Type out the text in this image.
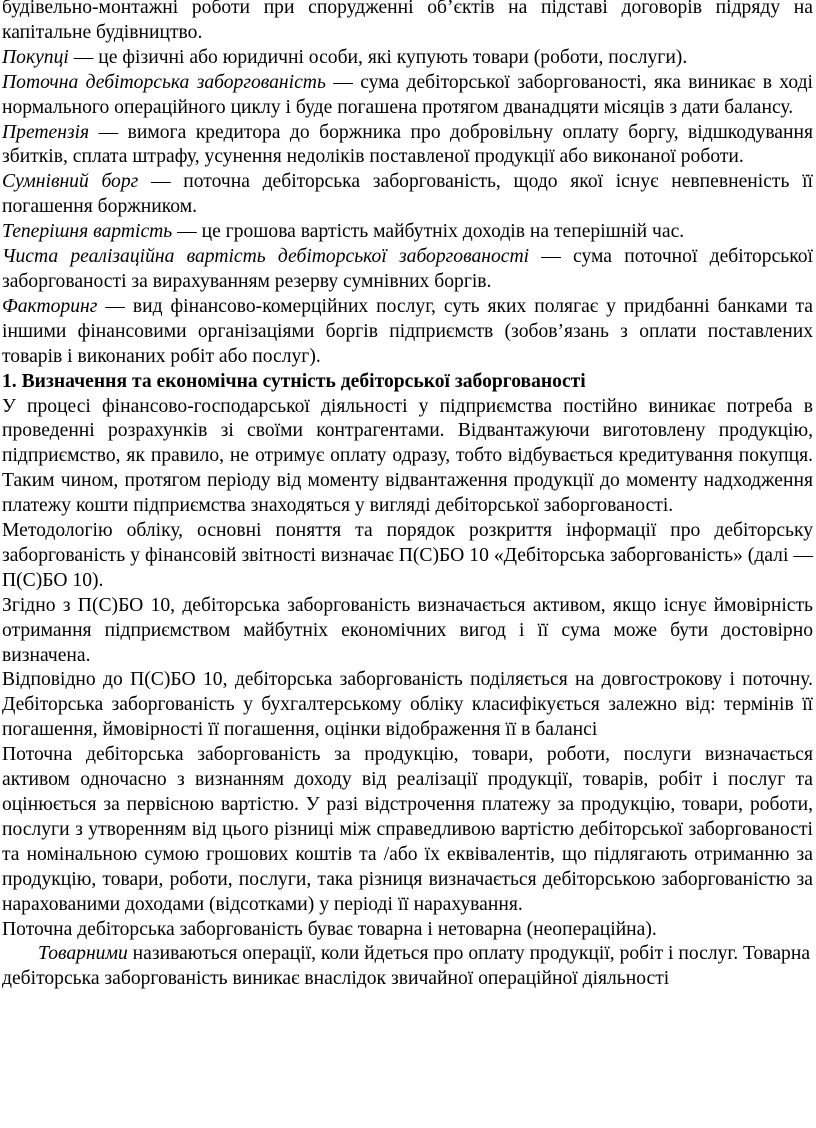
будівельно-монтажні роботи при спорудженні об’єктів на підставі договорів підряду на капітальне будівництво.

Покупці — це фізичні або юридичні особи, які купують товари (роботи, послуги).

Поточна дебіторська заборгованість — сума дебіторської заборгованості, яка виникає в ході нормального операційного циклу і буде погашена протягом дванадцяти місяців з дати балансу.

Претензія — вимога кредитора до боржника про добровільну оплату боргу, відшкодування збитків, сплата штрафу, усунення недоліків поставленої продукції або виконаної роботи.

Сумнівний борг — поточна дебіторська заборгованість, щодо якої існує невпевненість її погашення боржником.

Теперішня вартість — це грошова вартість майбутніх доходів на теперішній час.

Чиста реалізаційна вартість дебіторської заборгованості — сума поточної дебіторської заборгованості за вирахуванням резерву сумнівних боргів.

Факторинг — вид фінансово-комерційних послуг, суть яких полягає у придбанні банками та іншими фінансовими організаціями боргів підприємств (зобов’язань з оплати поставлених товарів і виконаних робіт або послуг).

1. Визначення та економічна сутність дебіторської заборгованості

У процесі фінансово-господарської діяльності у підприємства постійно виникає потреба в проведенні розрахунків зі своїми контрагентами. Відвантажуючи виготовлену продукцію, підприємство, як правило, не отримує оплату одразу, тобто відбувається кредитування покупця. Таким чином, протягом періоду від моменту відвантаження продукції до моменту надходження платежу кошти підприємства знаходяться у вигляді дебіторської заборгованості.

Методологію обліку, основні поняття та порядок розкриття інформації про дебіторську заборгованість у фінансовій звітності визначає П(С)БО 10 «Дебіторська заборгованість» (далі — П(С)БО 10).

Згідно з П(С)БО 10, дебіторська заборгованість визначається активом, якщо існує ймовірність отримання підприємством майбутніх економічних вигод і її сума може бути достовірно визначена.

Відповідно до П(С)БО 10, дебіторська заборгованість поділяється на довгострокову і поточну. Дебіторська заборгованість у бухгалтерському обліку класифікується залежно від: термінів її погашення, ймовірності її погашення, оцінки відображення її в балансі

Поточна дебіторська заборгованість за продукцію, товари, роботи, послуги визначається активом одночасно з визнанням доходу від реалізації продукції, товарів, робіт і послуг та оцінюється за первісною вартістю. У разі відстрочення платежу за продукцію, товари, роботи, послуги з утворенням від цього різниці між справедливою вартістю дебіторської заборгованості та номінальною сумою грошових коштів та /або їх еквівалентів, що підлягають отриманню за продукцію, товари, роботи, послуги, така різниця визначається дебіторською заборгованістю за нарахованими доходами (відсотками) у періоді її нарахування.

Поточна дебіторська заборгованість буває товарна і нетоварна (неопераційна).

Товарними називаються операції, коли йдеться про оплату продукції, робіт і послуг. Товарна дебіторська заборгованість виникає внаслідок звичайної операційної діяльності
